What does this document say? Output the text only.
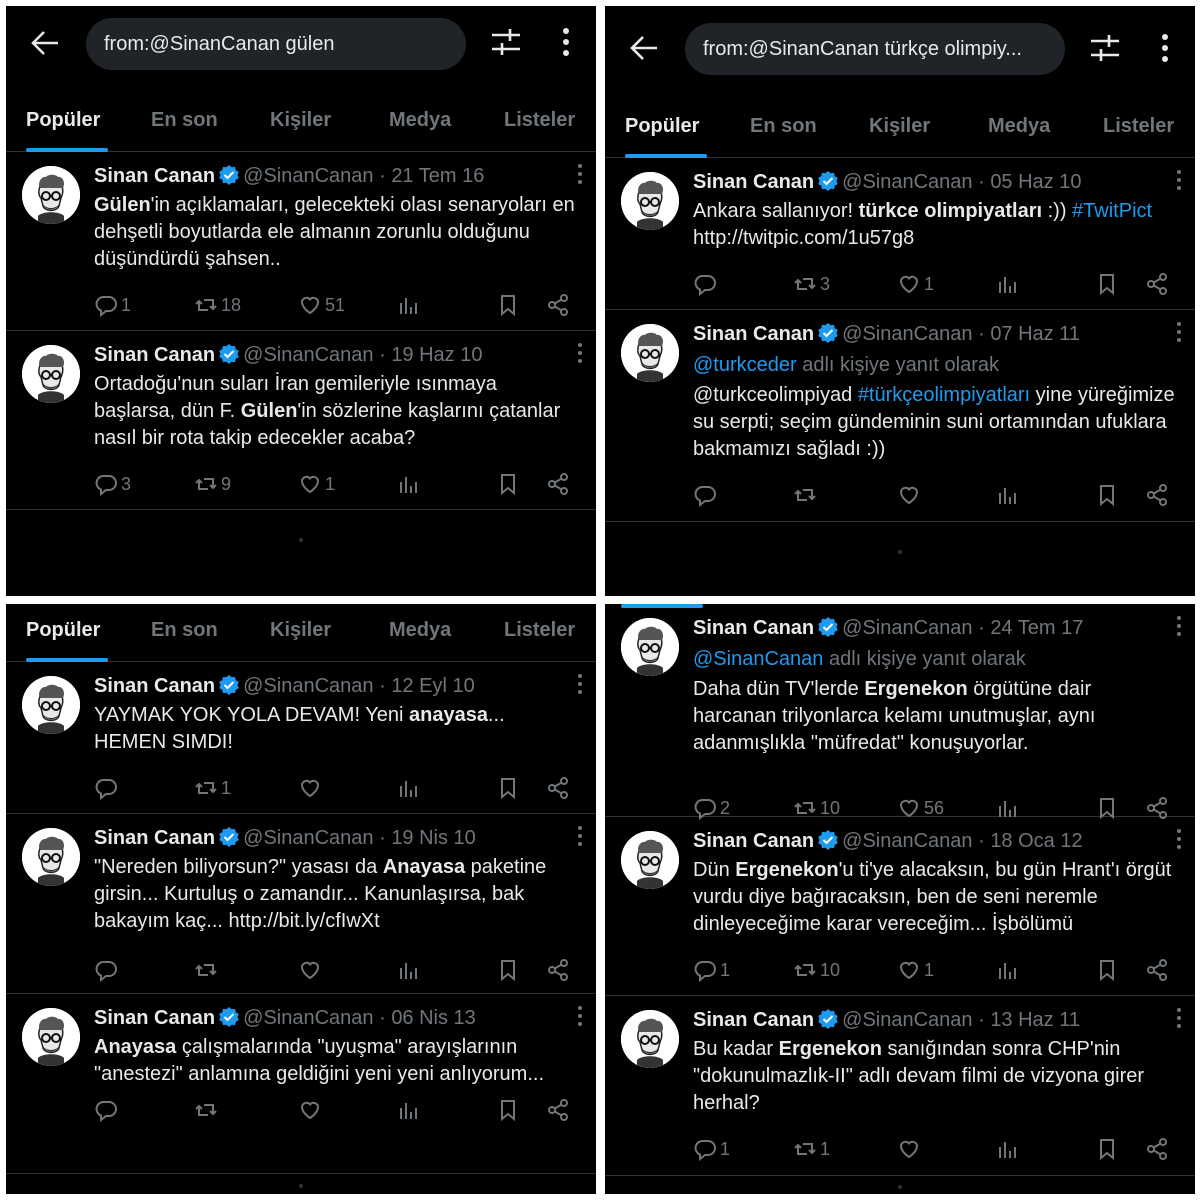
from:@SinanCanan gülen
Popüler	En son	Kişiler	Medya	Listeler
Sinan Canan @SinanCanan · 21 Tem 16
Gülen'in açıklamaları, gelecekteki olası senaryoları en dehşetli boyutlarda ele almanın zorunlu olduğunu düşündürdü şahsen..
1	18	51
Sinan Canan @SinanCanan · 19 Haz 10
Ortadoğu'nun suları İran gemileriyle ısınmaya başlarsa, dün F. Gülen'in sözlerine kaşlarını çatanlar nasıl bir rota takip edecekler acaba?
3	9	1
from:@SinanCanan türkçe olimpiy...
Popüler	En son	Kişiler	Medya	Listeler
Sinan Canan @SinanCanan · 05 Haz 10
Ankara sallanıyor! türkce olimpiyatları :)) #TwitPict http://twitpic.com/1u57g8
3	1
Sinan Canan @SinanCanan · 07 Haz 11
@turkceder adlı kişiye yanıt olarak
@turkceolimpiyad #türkçeolimpiyatları yine yüreğimize su serpti; seçim gündeminin suni ortamından ufuklara bakmamızı sağladı :))
Popüler	En son	Kişiler	Medya	Listeler
Sinan Canan @SinanCanan · 12 Eyl 10
YAYMAK YOK YOLA DEVAM! Yeni anayasa... HEMEN SIMDI!
1
Sinan Canan @SinanCanan · 19 Nis 10
"Nereden biliyorsun?" yasası da Anayasa paketine girsin... Kurtuluş o zamandır... Kanunlaşırsa, bak bakayım kaç... http://bit.ly/cfIwXt
Sinan Canan @SinanCanan · 06 Nis 13
Anayasa çalışmalarında "uyuşma" arayışlarının "anestezi" anlamına geldiğini yeni yeni anlıyorum...
Sinan Canan @SinanCanan · 24 Tem 17
@SinanCanan adlı kişiye yanıt olarak
Daha dün TV'lerde Ergenekon örgütüne dair harcanan trilyonlarca kelamı unutmuşlar, aynı adanmışlıkla "müfredat" konuşuyorlar.
2	10	56
Sinan Canan @SinanCanan · 18 Oca 12
Dün Ergenekon'u ti'ye alacaksın, bu gün Hrant'ı örgüt vurdu diye bağıracaksın, ben de seni neremle dinleyeceğime karar vereceğim... İşbölümü
1	10	1
Sinan Canan @SinanCanan · 13 Haz 11
Bu kadar Ergenekon sanığından sonra CHP'nin "dokunulmazlık-II" adlı devam filmi de vizyona girer herhal?
1	1
